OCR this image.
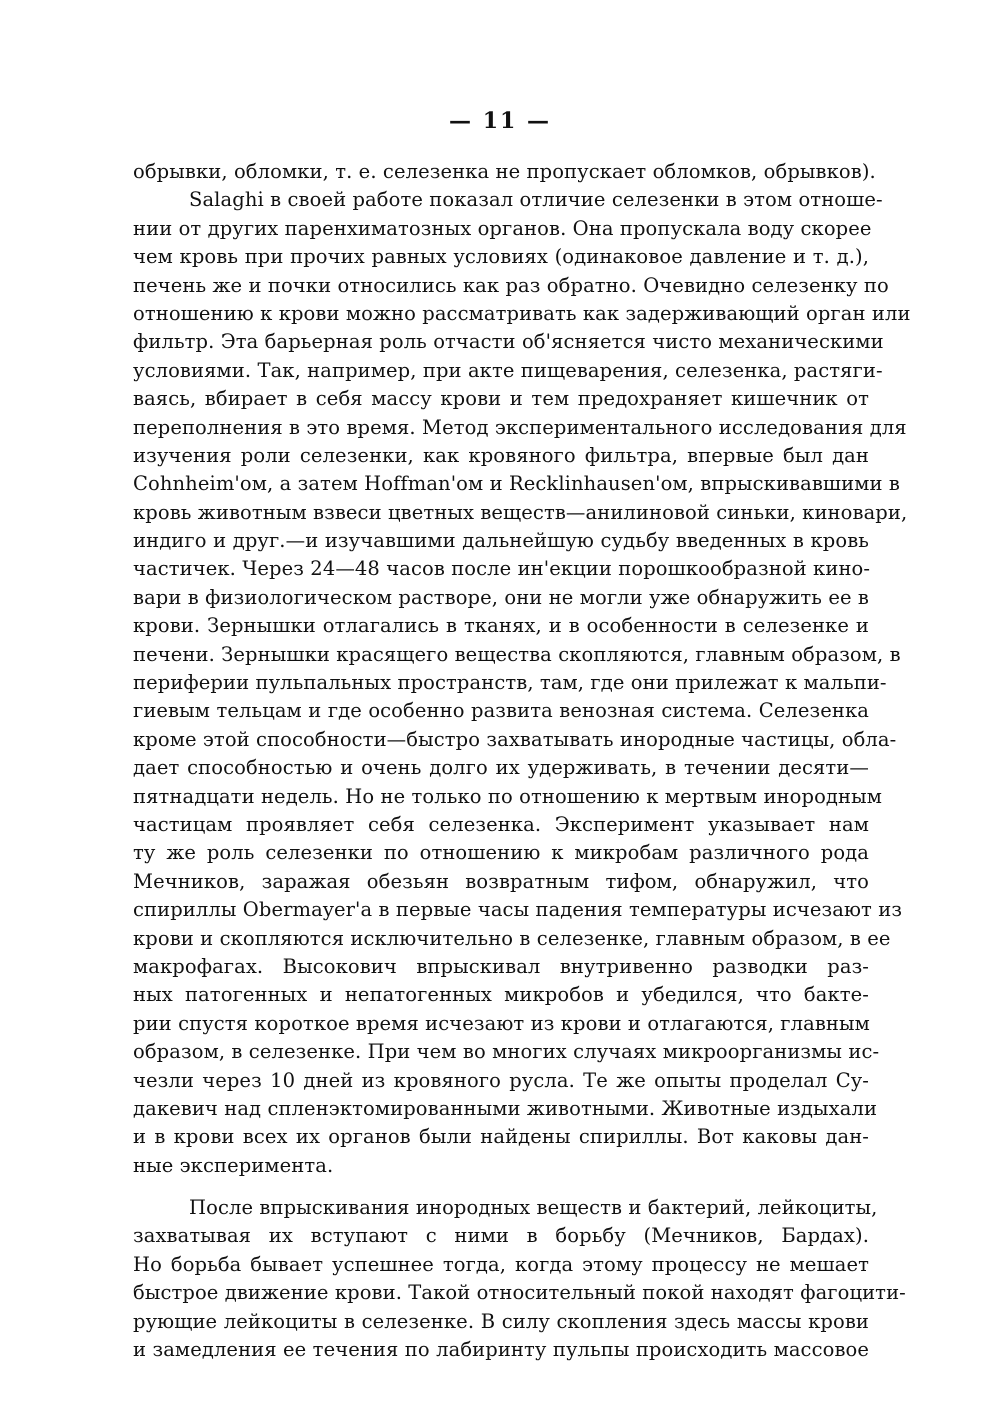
— 11 —
обрывки, обломки, т. е. селезенка не пропускает обломков, обрывков).
Salaghi в своей работе показал отличие селезенки в этом отноше-
нии от других паренхиматозных органов. Она пропускала воду скорее
чем кровь при прочих равных условиях (одинаковое давление и т. д.),
печень же и почки относились как раз обратно. Очевидно селезенку по
отношению к крови можно рассматривать как задерживающий орган или
фильтр. Эта барьерная роль отчасти об'ясняется чисто механическими
условиями. Так, например, при акте пищеварения, селезенка, растяги-
ваясь, вбирает в себя массу крови и тем предохраняет кишечник от
переполнения в это время. Метод экспериментального исследования для
изучения роли селезенки, как кровяного фильтра, впервые был дан
Cohnheim'ом, а затем Hoffman'ом и Recklinhausen'ом, впрыскивавшими в
кровь животным взвеси цветных веществ—анилиновой синьки, киновари,
индиго и друг.—и изучавшими дальнейшую судьбу введенных в кровь
частичек. Через 24—48 часов после ин'екции порошкообразной кино-
вари в физиологическом растворе, они не могли уже обнаружить ее в
крови. Зернышки отлагались в тканях, и в особенности в селезенке и
печени. Зернышки красящего вещества скопляются, главным образом, в
периферии пульпальных пространств, там, где они прилежат к мальпи-
гиевым тельцам и где особенно развита венозная система. Селезенка
кроме этой способности—быстро захватывать инородные частицы, обла-
дает способностью и очень долго их удерживать, в течении десяти—
пятнадцати недель. Но не только по отношению к мертвым инородным
частицам проявляет себя селезенка. Эксперимент указывает нам
ту же роль селезенки по отношению к микробам различного рода
Мечников, заражая обезьян возвратным тифом, обнаружил, что
спириллы Obermayer'а в первые часы падения температуры исчезают из
крови и скопляются исключительно в селезенке, главным образом, в ее
макрофагах. Высокович впрыскивал внутривенно разводки раз-
ных патогенных и непатогенных микробов и убедился, что бакте-
рии спустя короткое время исчезают из крови и отлагаются, главным
образом, в селезенке. При чем во многих случаях микроорганизмы ис-
чезли через 10 дней из кровяного русла. Те же опыты проделал Су-
дакевич над спленэктомированными животными. Животные издыхали
и в крови всех их органов были найдены спириллы. Вот каковы дан-
ные эксперимента.
После впрыскивания инородных веществ и бактерий, лейкоциты,
захватывая их вступают с ними в борьбу (Мечников, Бардах).
Но борьба бывает успешнее тогда, когда этому процессу не мешает
быстрое движение крови. Такой относительный покой находят фагоцити-
рующие лейкоциты в селезенке. В силу скопления здесь массы крови
и замедления ее течения по лабиринту пульпы происходить массовое
